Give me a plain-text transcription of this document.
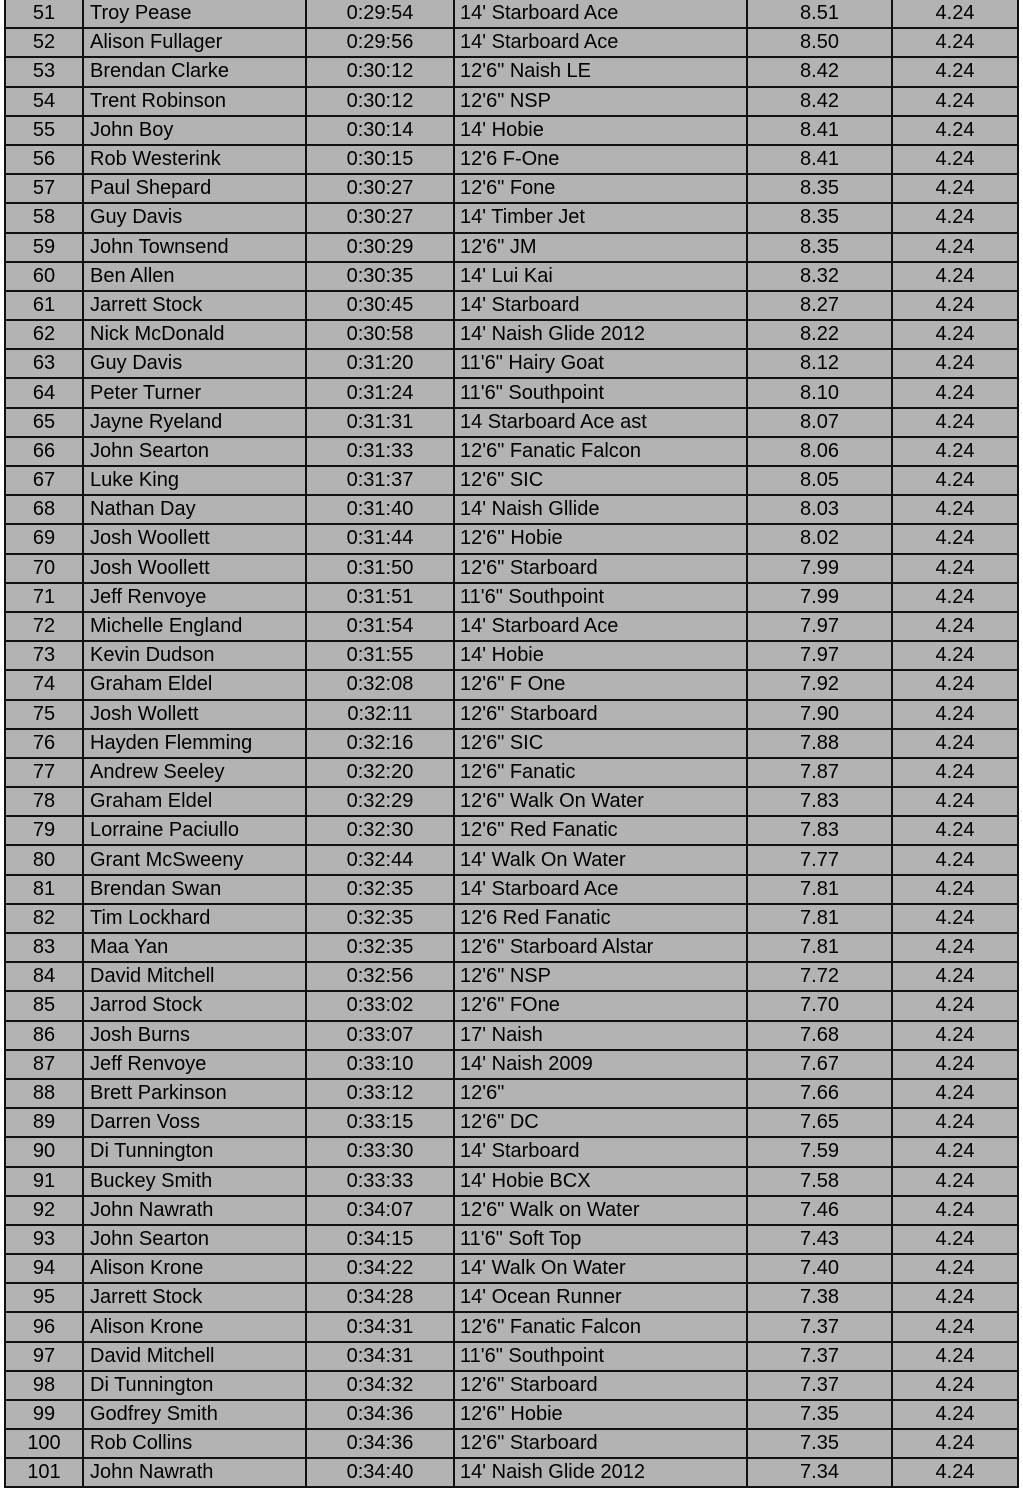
51	Troy Pease	0:29:54	14' Starboard Ace	8.51	4.24
52	Alison Fullager	0:29:56	14' Starboard Ace	8.50	4.24
53	Brendan Clarke	0:30:12	12'6" Naish LE	8.42	4.24
54	Trent Robinson	0:30:12	12'6" NSP	8.42	4.24
55	John Boy	0:30:14	14' Hobie	8.41	4.24
56	Rob Westerink	0:30:15	12'6 F-One	8.41	4.24
57	Paul Shepard	0:30:27	12'6" Fone	8.35	4.24
58	Guy Davis	0:30:27	14' Timber Jet	8.35	4.24
59	John Townsend	0:30:29	12'6" JM	8.35	4.24
60	Ben Allen	0:30:35	14' Lui Kai	8.32	4.24
61	Jarrett Stock	0:30:45	14' Starboard	8.27	4.24
62	Nick McDonald	0:30:58	14' Naish Glide 2012	8.22	4.24
63	Guy Davis	0:31:20	11'6" Hairy Goat	8.12	4.24
64	Peter Turner	0:31:24	11'6" Southpoint	8.10	4.24
65	Jayne Ryeland	0:31:31	14 Starboard Ace ast	8.07	4.24
66	John Searton	0:31:33	12'6" Fanatic Falcon	8.06	4.24
67	Luke King	0:31:37	12'6" SIC	8.05	4.24
68	Nathan Day	0:31:40	14' Naish Gllide	8.03	4.24
69	Josh Woollett	0:31:44	12'6'' Hobie	8.02	4.24
70	Josh Woollett	0:31:50	12'6" Starboard	7.99	4.24
71	Jeff Renvoye	0:31:51	11'6" Southpoint	7.99	4.24
72	Michelle England	0:31:54	14' Starboard Ace	7.97	4.24
73	Kevin Dudson	0:31:55	14' Hobie	7.97	4.24
74	Graham Eldel	0:32:08	12'6" F One	7.92	4.24
75	Josh Wollett	0:32:11	12'6" Starboard	7.90	4.24
76	Hayden Flemming	0:32:16	12'6" SIC	7.88	4.24
77	Andrew Seeley	0:32:20	12'6" Fanatic	7.87	4.24
78	Graham Eldel	0:32:29	12'6" Walk On Water	7.83	4.24
79	Lorraine Paciullo	0:32:30	12'6" Red Fanatic	7.83	4.24
80	Grant McSweeny	0:32:44	14' Walk On Water	7.77	4.24
81	Brendan Swan	0:32:35	14' Starboard Ace	7.81	4.24
82	Tim Lockhard	0:32:35	12'6 Red Fanatic	7.81	4.24
83	Maa Yan	0:32:35	12'6" Starboard Alstar	7.81	4.24
84	David Mitchell	0:32:56	12'6" NSP	7.72	4.24
85	Jarrod Stock	0:33:02	12'6" FOne	7.70	4.24
86	Josh Burns	0:33:07	17' Naish	7.68	4.24
87	Jeff Renvoye	0:33:10	14' Naish 2009	7.67	4.24
88	Brett Parkinson	0:33:12	12'6"	7.66	4.24
89	Darren Voss	0:33:15	12'6" DC	7.65	4.24
90	Di Tunnington	0:33:30	14' Starboard	7.59	4.24
91	Buckey Smith	0:33:33	14' Hobie BCX	7.58	4.24
92	John Nawrath	0:34:07	12'6" Walk on Water	7.46	4.24
93	John Searton	0:34:15	11'6" Soft Top	7.43	4.24
94	Alison Krone	0:34:22	14' Walk On Water	7.40	4.24
95	Jarrett Stock	0:34:28	14' Ocean Runner	7.38	4.24
96	Alison Krone	0:34:31	12'6" Fanatic Falcon	7.37	4.24
97	David Mitchell	0:34:31	11'6" Southpoint	7.37	4.24
98	Di Tunnington	0:34:32	12'6" Starboard	7.37	4.24
99	Godfrey Smith	0:34:36	12'6'' Hobie	7.35	4.24
100	Rob Collins	0:34:36	12'6" Starboard	7.35	4.24
101	John Nawrath	0:34:40	14' Naish Glide 2012	7.34	4.24
